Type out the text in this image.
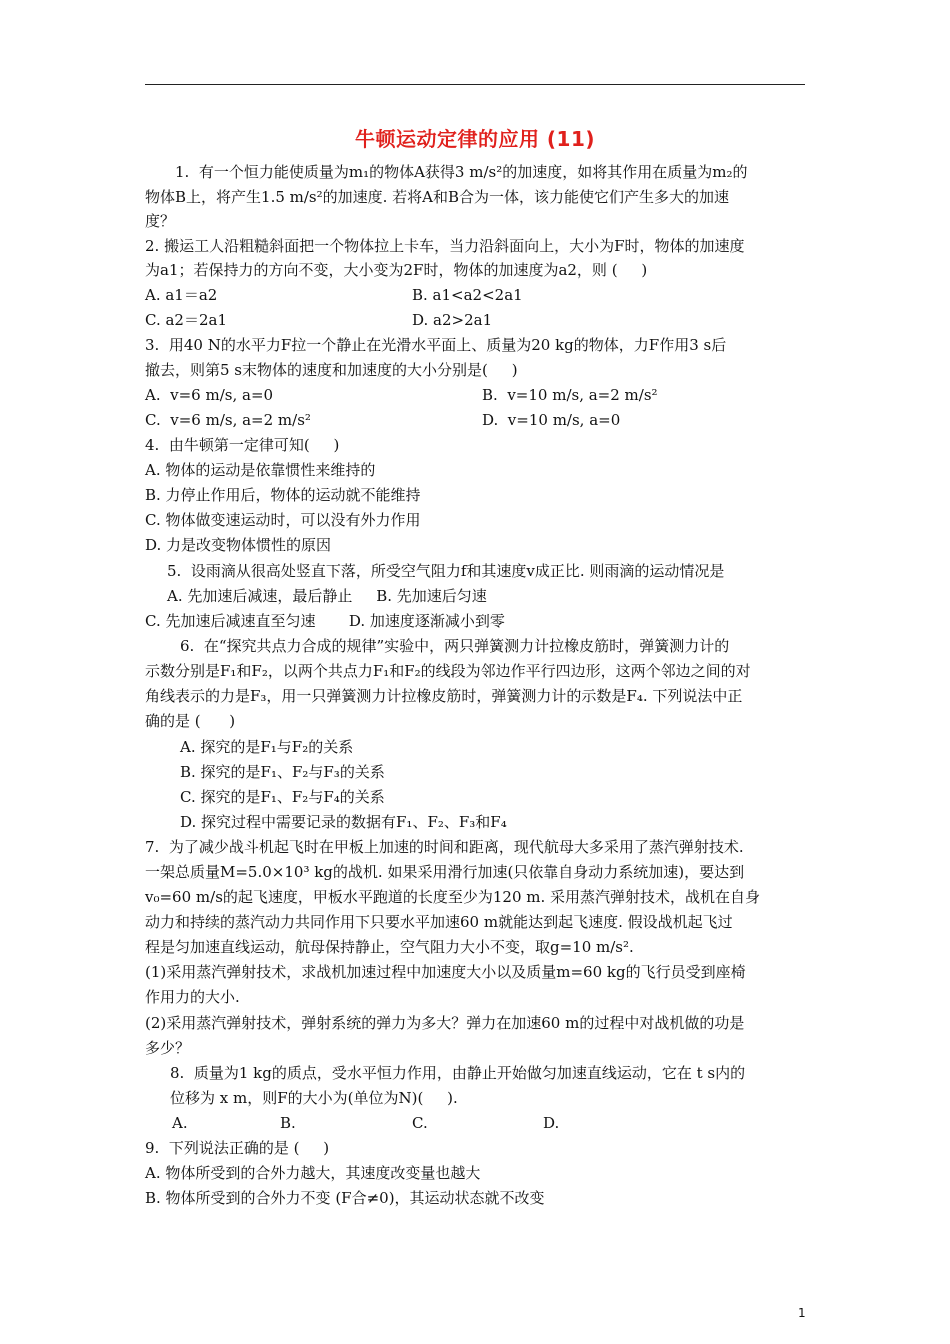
牛顿运动定律的应用 (11)
1.  有一个恒力能使质量为m₁的物体A获得3 m/s²的加速度，如将其作用在质量为m₂的
物体B上，将产生1.5 m/s²的加速度. 若将A和B合为一体，该力能使它们产生多大的加速
度？
2. 搬运工人沿粗糙斜面把一个物体拉上卡车，当力沿斜面向上，大小为F时，物体的加速度
为a1；若保持力的方向不变，大小变为2F时，物体的加速度为a2，则 (     )
A. a1＝a2	B. a1<a2<2a1
C. a2＝2a1	D. a2>2a1
3.  用40 N的水平力F拉一个静止在光滑水平面上、质量为20 kg的物体，力F作用3 s后
撤去，则第5 s末物体的速度和加速度的大小分别是(     )
A.  v=6 m/s, a=0	B.  v=10 m/s, a=2 m/s²
C.  v=6 m/s, a=2 m/s²	D.  v=10 m/s, a=0
4.  由牛顿第一定律可知(     )
A. 物体的运动是依靠惯性来维持的
B. 力停止作用后，物体的运动就不能维持
C. 物体做变速运动时，可以没有外力作用
D. 力是改变物体惯性的原因
5.  设雨滴从很高处竖直下落，所受空气阻力f和其速度v成正比. 则雨滴的运动情况是
A. 先加速后减速，最后静止     B. 先加速后匀速
C. 先加速后减速直至匀速       D. 加速度逐渐减小到零
6.  在“探究共点力合成的规律”实验中，两只弹簧测力计拉橡皮筋时，弹簧测力计的
示数分别是F₁和F₂，以两个共点力F₁和F₂的线段为邻边作平行四边形，这两个邻边之间的对
角线表示的力是F₃，用一只弹簧测力计拉橡皮筋时，弹簧测力计的示数是F₄. 下列说法中正
确的是 (      )
A. 探究的是F₁与F₂的关系
B. 探究的是F₁、F₂与F₃的关系
C. 探究的是F₁、F₂与F₄的关系
D. 探究过程中需要记录的数据有F₁、F₂、F₃和F₄
7.  为了减少战斗机起飞时在甲板上加速的时间和距离，现代航母大多采用了蒸汽弹射技术.
一架总质量M=5.0×10³ kg的战机. 如果采用滑行加速(只依靠自身动力系统加速)，要达到
v₀=60 m/s的起飞速度，甲板水平跑道的长度至少为120 m. 采用蒸汽弹射技术，战机在自身
动力和持续的蒸汽动力共同作用下只要水平加速60 m就能达到起飞速度. 假设战机起飞过
程是匀加速直线运动，航母保持静止，空气阻力大小不变，取g=10 m/s².
(1)采用蒸汽弹射技术，求战机加速过程中加速度大小以及质量m=60 kg的飞行员受到座椅
作用力的大小.
(2)采用蒸汽弹射技术，弹射系统的弹力为多大？弹力在加速60 m的过程中对战机做的功是
多少？
8.  质量为1 kg的质点，受水平恒力作用，由静止开始做匀加速直线运动，它在 t s内的
位移为 x m，则F的大小为(单位为N)(     ).
A.	B.	C.	D.
9.  下列说法正确的是 (     )
A. 物体所受到的合外力越大，其速度改变量也越大
B. 物体所受到的合外力不变 (F合≠0)，其运动状态就不改变
1
